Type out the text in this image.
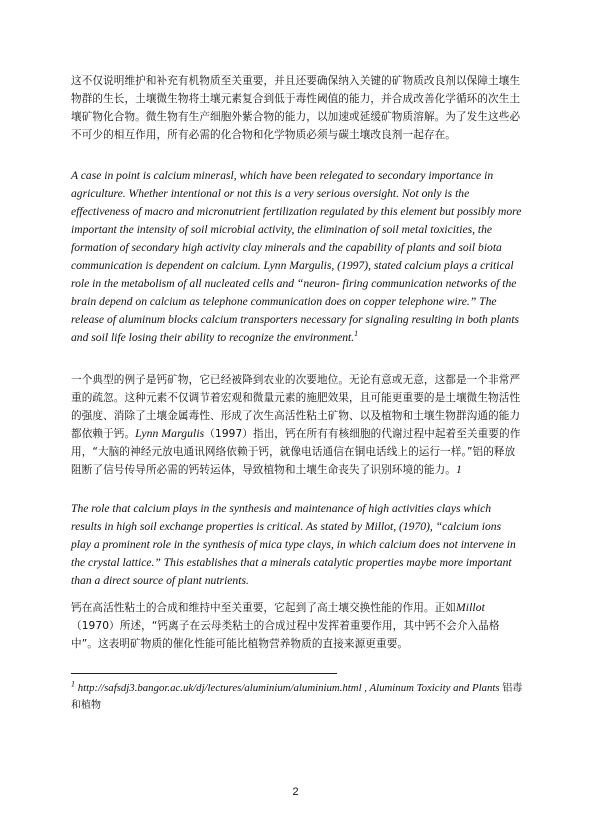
这不仅说明维护和补充有机物质至关重要，并且还要确保纳入关键的矿物质改良剂以保障土壤生物群的生长，土壤微生物将土壤元素复合到低于毒性阈值的能力，并合成改善化学循环的次生土壤矿物化合物。微生物有生产细胞外紫合物的能力，以加速或延缓矿物质溶解。为了发生这些必不可少的相互作用，所有必需的化合物和化学物质必须与碳土壤改良剂一起存在。
A case in point is calcium minerasl, which have been relegated to secondary importance in agriculture. Whether intentional or not this is a very serious oversight. Not only is the effectiveness of macro and micronutrient fertilization regulated by this element but possibly more important the intensity of soil microbial activity, the elimination of soil metal toxicities, the formation of secondary high activity clay minerals and the capability of plants and soil biota communication is dependent on calcium. Lynn Margulis, (1997), stated calcium plays a critical role in the metabolism of all nucleated cells and “neuron- firing communication networks of the brain depend on calcium as telephone communication does on copper telephone wire.” The release of aluminum blocks calcium transporters necessary for signaling resulting in both plants and soil life losing their ability to recognize the environment.$^1$
一个典型的例子是钙矿物，它已经被降到农业的次要地位。无论有意或无意，这都是一个非常严重的疏忽。这种元素不仅调节着宏观和微量元素的施肥效果，且可能更重要的是土壤微生物活性的强度、消除了土壤金属毒性、形成了次生高活性粘土矿物、以及植物和土壤生物群沟通的能力都依赖于钙。Lynn Margulis（1997）指出，钙在所有有核细胞的代谢过程中起着至关重要的作用，“大脑的神经元放电通讯网络依赖于钙，就像电话通信在铜电话线上的运行一样。”铝的释放阻断了信号传导所必需的钙转运体，导致植物和土壤生命丧失了识别环境的能力。1
The role that calcium plays in the synthesis and maintenance of high activities clays which results in high soil exchange properties is critical. As stated by Millot, (1970), “calcium ions play a prominent role in the synthesis of mica type clays, in which calcium does not intervene in the crystal lattice.” This establishes that a minerals catalytic properties maybe more important than a direct source of plant nutrients.
钙在高活性粘土的合成和维持中至关重要，它起到了高土壤交换性能的作用。正如Millot（1970）所述，“钙离子在云母类粘土的合成过程中发挥着重要作用，其中钙不会介入晶格中”。这表明矿物质的催化性能可能比植物营养物质的直接来源更重要。
$^1$ http://safsdj3.bangor.ac.uk/dj/lectures/aluminium/aluminium.html , Aluminum Toxicity and Plants 铝毒和植物
2
